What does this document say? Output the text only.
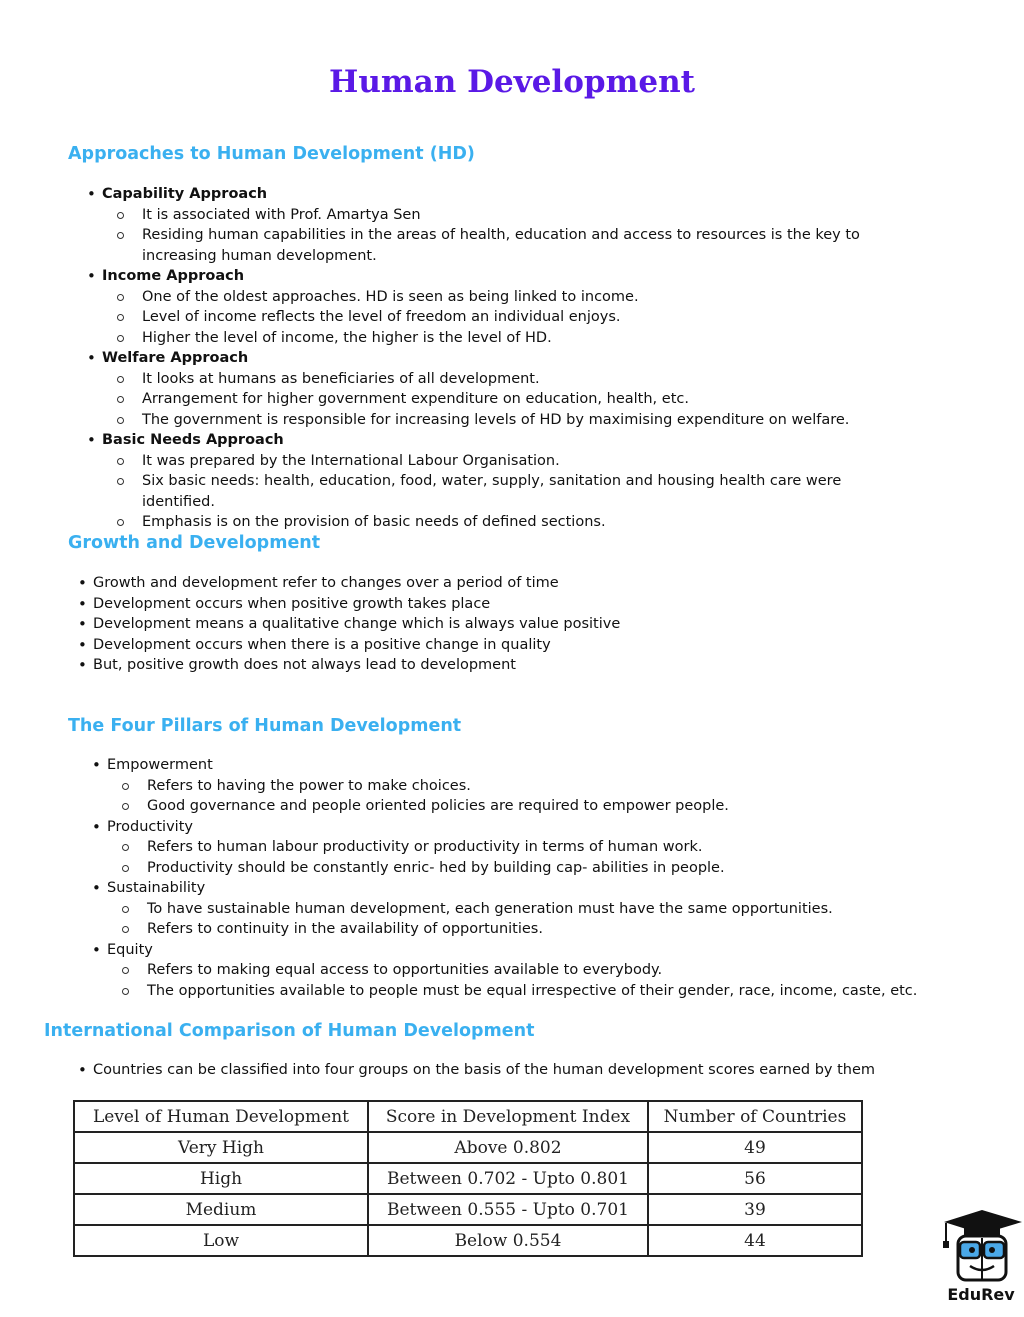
Human Development
Approaches to Human Development (HD)
• Capability Approach
It is associated with Prof. Amartya Sen
Residing human capabilities in the areas of health, education and access to resources is the key to increasing human development.
• Income Approach
One of the oldest approaches. HD is seen as being linked to income.
Level of income reflects the level of freedom an individual enjoys.
Higher the level of income, the higher is the level of HD.
• Welfare Approach
It looks at humans as beneficiaries of all development.
Arrangement for higher government expenditure on education, health, etc.
The government is responsible for increasing levels of HD by maximising expenditure on welfare.
• Basic Needs Approach
It was prepared by the International Labour Organisation.
Six basic needs: health, education, food, water, supply, sanitation and housing health care were identified.
Emphasis is on the provision of basic needs of defined sections.
Growth and Development
• Growth and development refer to changes over a period of time
• Development occurs when positive growth takes place
• Development means a qualitative change which is always value positive
• Development occurs when there is a positive change in quality
• But, positive growth does not always lead to development
The Four Pillars of Human Development
• Empowerment
Refers to having the power to make choices.
Good governance and people oriented policies are required to empower people.
• Productivity
Refers to human labour productivity or productivity in terms of human work.
Productivity should be constantly enric- hed by building cap- abilities in people.
• Sustainability
To have sustainable human development, each generation must have the same opportunities.
Refers to continuity in the availability of opportunities.
• Equity
Refers to making equal access to opportunities available to everybody.
The opportunities available to people must be equal irrespective of their gender, race, income, caste, etc.
International Comparison of Human Development
• Countries can be classified into four groups on the basis of the human development scores earned by them
Level of Human Development	Score in Development Index	Number of Countries
Very High	Above 0.802	49
High	Between 0.702 - Upto 0.801	56
Medium	Between 0.555 - Upto 0.701	39
Low	Below 0.554	44
EduRev
